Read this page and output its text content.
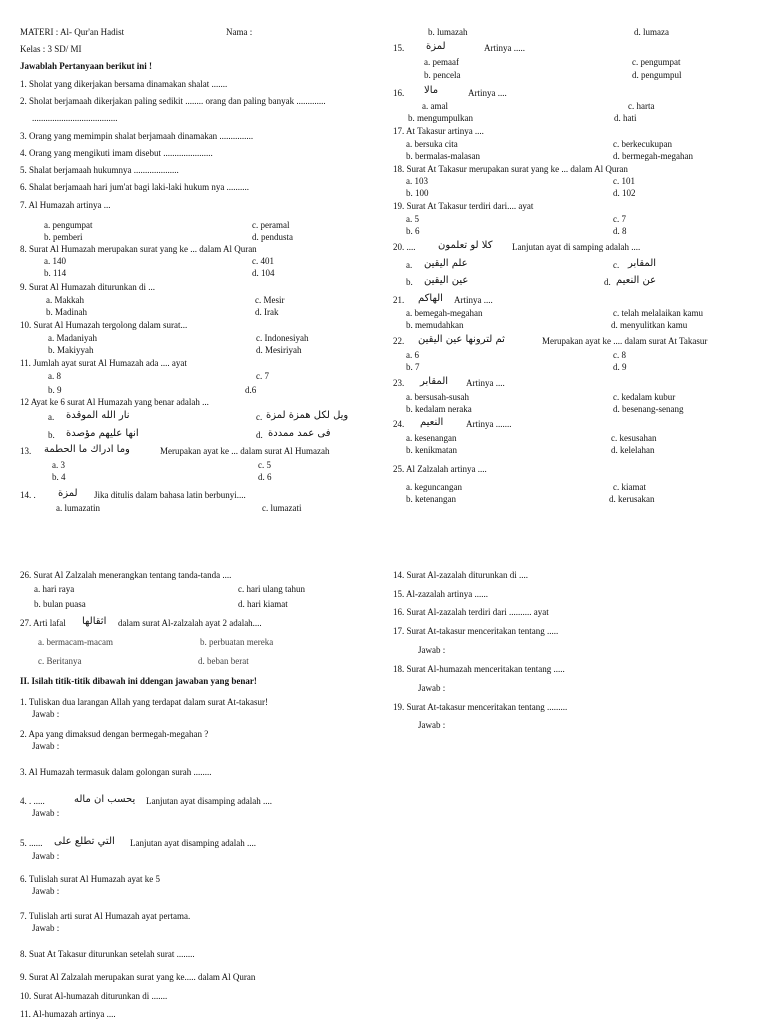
MATERI : Al- Qur'an Hadist	Nama :
Kelas : 3 SD/ MI
Jawablah Pertanyaan berikut ini !
1. Sholat yang dikerjakan bersama dinamakan shalat .......
2. Sholat berjamaah dikerjakan paling sedikit ........ orang dan paling banyak .............
......................................
3. Orang yang memimpin shalat berjamaah dinamakan ...............
4. Orang yang mengikuti imam disebut ......................
5. Shalat berjamaah hukumnya ....................
6. Shalat berjamaah hari jum'at bagi laki-laki hukum nya ..........
7. Al Humazah artinya ...
a. pengumpat	c. peramal
b. pemberi	d. pendusta
8. Surat Al Humazah merupakan surat yang ke ... dalam Al Quran
a. 140	c. 401
b. 114	d. 104
9. Surat Al Humazah diturunkan di ...
a. Makkah	c. Mesir
b. Madinah	d. Irak
10. Surat Al Humazah tergolong dalam surat...
a. Madaniyah	c. Indonesiyah
b. Makiyyah	d. Mesiriyah
11. Jumlah ayat surat Al Humazah ada .... ayat
a. 8	c. 7
b. 9	d.6
12 Ayat ke 6 surat Al Humazah yang benar adalah ...
a. نار الله الموقدة	c. ويل لكل همزة لمزة
b. انها عليهم مؤصدة	d. فى عمد ممددة
13. وما ادراك ما الحطمة	Merupakan ayat ke ... dalam surat Al Humazah
a. 3	c. 5
b. 4	d. 6
14. . لمزة Jika ditulis dalam bahasa latin berbunyi....
a. lumazatin	c. lumazati
b. lumazah	d. lumaza
15. لمزة	Artinya .....
a. pemaaf	c. pengumpat
b. pencela	d. pengumpul
16. مالا	Artinya ....
a. amal	c. harta
b. mengumpulkan	d. hati
17. At Takasur artinya ....
a. bersuka cita	c. berkecukupan
b. bermalas-malasan	d. bermegah-megahan
18. Surat At Takasur merupakan surat yang ke ... dalam Al Quran
a. 103	c. 101
b. 100	d. 102
19. Surat At Takasur terdiri dari.... ayat
a. 5	c. 7
b. 6	d. 8
20. .... كلا لو تعلمون Lanjutan ayat di samping adalah ....
a. علم اليقين	c. المقابر
b. عين اليقين	d. عن النعيم
21. الهاكم Artinya ....
a. bemegah-megahan	c. telah melalaikan kamu
b. memudahkan	d. menyulitkan kamu
22. ثم لترونها عين اليقين	Merupakan ayat ke .... dalam surat At Takasur
a. 6	c. 8
b. 7	d. 9
23. المقابر Artinya ....
a. bersusah-susah	c. kedalam kubur
b. kedalam neraka	d. besenang-senang
24. النعيم	Artinya .......
a. kesenangan	c. kesusahan
b. kenikmatan	d. kelelahan
25. Al Zalzalah artinya ....
a. keguncangan	c. kiamat
b. ketenangan	d. kerusakan
26. Surat Al Zalzalah menerangkan tentang tanda-tanda ....
a. hari raya	c. hari ulang tahun
b. bulan puasa	d. hari kiamat
27. Arti lafal اثقالها dalam surat Al-zalzalah ayat 2 adalah....
a. bermacam-macam	b. perbuatan mereka
c. Beritanya	d. beban berat
II. Isilah titik-titik dibawah ini ddengan jawaban yang benar!
1. Tuliskan dua larangan Allah yang terdapat dalam surat At-takasur!
Jawab :
2. Apa yang dimaksud dengan bermegah-megahan ?
Jawab :
3. Al Humazah termasuk dalam golongan surah ........
4. . .....	يحسب ان ماله Lanjutan ayat disamping adalah ....
Jawab :
5. ...... التي تطلع على Lanjutan ayat disamping adalah ....
Jawab :
6. Tulislah surat Al Humazah ayat ke 5
Jawab :
7. Tulislah arti surat Al Humazah ayat pertama.
Jawab :
8. Suat At Takasur diturunkan setelah surat ........
9. Surat Al Zalzalah merupakan surat yang ke..... dalam Al Quran
10. Surat Al-humazah diturunkan di .......
11. Al-humazah artinya ....
14. Surat Al-zazalah diturunkan di ....
15. Al-zazalah artinya ......
16. Surat Al-zazalah terdiri dari .......... ayat
17. Surat At-takasur menceritakan tentang .....
Jawab :
18. Surat Al-humazah menceritakan tentang .....
Jawab :
19. Surat At-takasur menceritakan tentang .........
Jawab :
